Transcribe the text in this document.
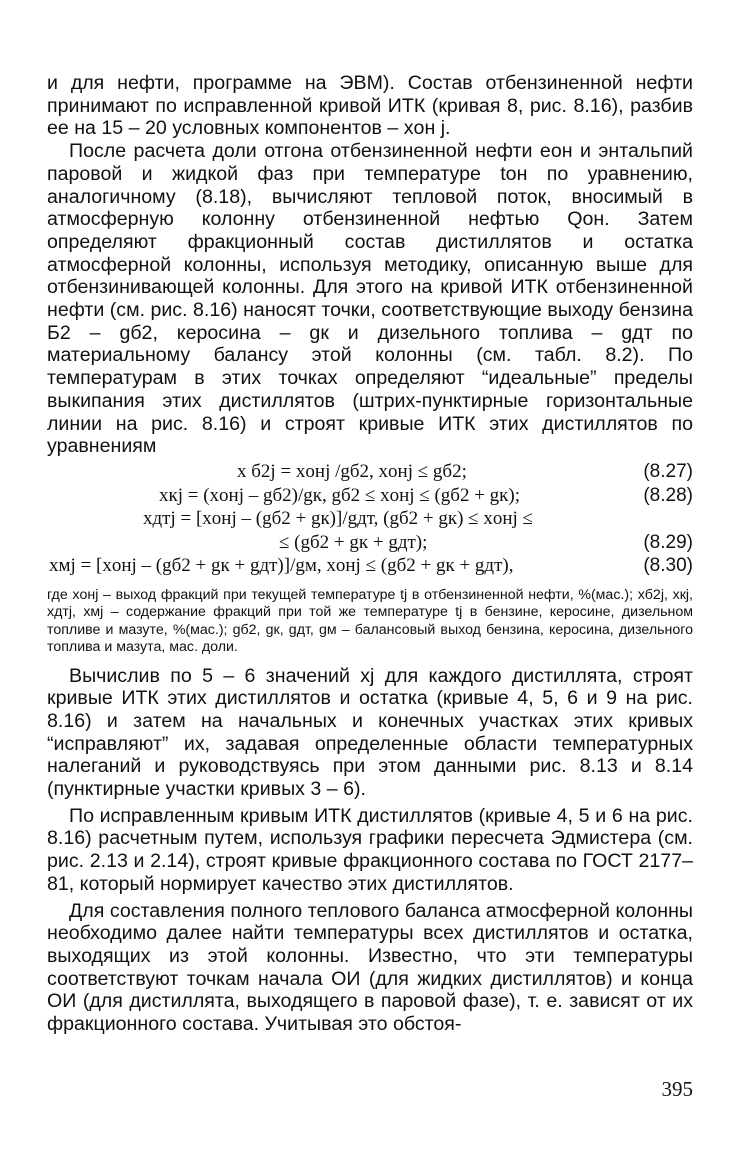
и для нефти, программе на ЭВМ). Состав отбензиненной нефти принимают по исправленной кривой ИТК (кривая 8, рис. 8.16), разбив ее на 15 – 20 условных компонентов – xон j.

После расчета доли отгона отбензиненной нефти eон и энтальпий паровой и жидкой фаз при температуре tон по уравнению, аналогичному (8.18), вычисляют тепловой поток, вносимый в атмосферную колонну отбензиненной нефтью Qон. Затем определяют фракционный состав дистиллятов и остатка атмосферной колонны, используя методику, описанную выше для отбензинивающей колонны. Для этого на кривой ИТК отбензиненной нефти (см. рис. 8.16) наносят точки, соответствующие выходу бензина Б2 – gб2, керосина – gк и дизельного топлива – gдт по материальному балансу этой колонны (см. табл. 8.2). По температурам в этих точках определяют “идеальные” пределы выкипания этих дистиллятов (штрих-пунктирные горизонтальные линии на рис. 8.16) и строят кривые ИТК этих дистиллятов по уравнениям

x б2j = xонj /gб2, xонj ≤ gб2;	(8.27)
xкj = (xонj – gб2)/gк, gб2 ≤ xонj ≤ (gб2 + gк);	(8.28)
xдтj = [xонj – (gб2 + gк)]/gдт, (gб2 + gк) ≤ xонj ≤
≤ (gб2 + gк + gдт);	(8.29)
xмj = [xонj – (gб2 + gк + gдт)]/gм, xонj ≤ (gб2 + gк + gдт),	(8.30)

где xонj – выход фракций при текущей температуре tj в отбензиненной нефти, %(мас.); xб2j, xкj, xдтj, xмj – содержание фракций при той же температуре tj в бензине, керосине, дизельном топливе и мазуте, %(мас.); gб2, gк, gдт, gм – балансовый выход бензина, керосина, дизельного топлива и мазута, мас. доли.

Вычислив по 5 – 6 значений xj для каждого дистиллята, строят кривые ИТК этих дистиллятов и остатка (кривые 4, 5, 6 и 9 на рис. 8.16) и затем на начальных и конечных участках этих кривых “исправляют” их, задавая определенные области температурных налеганий и руководствуясь при этом данными рис. 8.13 и 8.14 (пунктирные участки кривых 3 – 6).

По исправленным кривым ИТК дистиллятов (кривые 4, 5 и 6 на рис. 8.16) расчетным путем, используя графики пересчета Эдмистера (см. рис. 2.13 и 2.14), строят кривые фракционного состава по ГОСТ 2177–81, который нормирует качество этих дистиллятов.

Для составления полного теплового баланса атмосферной колонны необходимо далее найти температуры всех дистиллятов и остатка, выходящих из этой колонны. Известно, что эти температуры соответствуют точкам начала ОИ (для жидких дистиллятов) и конца ОИ (для дистиллята, выходящего в паровой фазе), т. е. зависят от их фракционного состава. Учитывая это обстоя-

395
